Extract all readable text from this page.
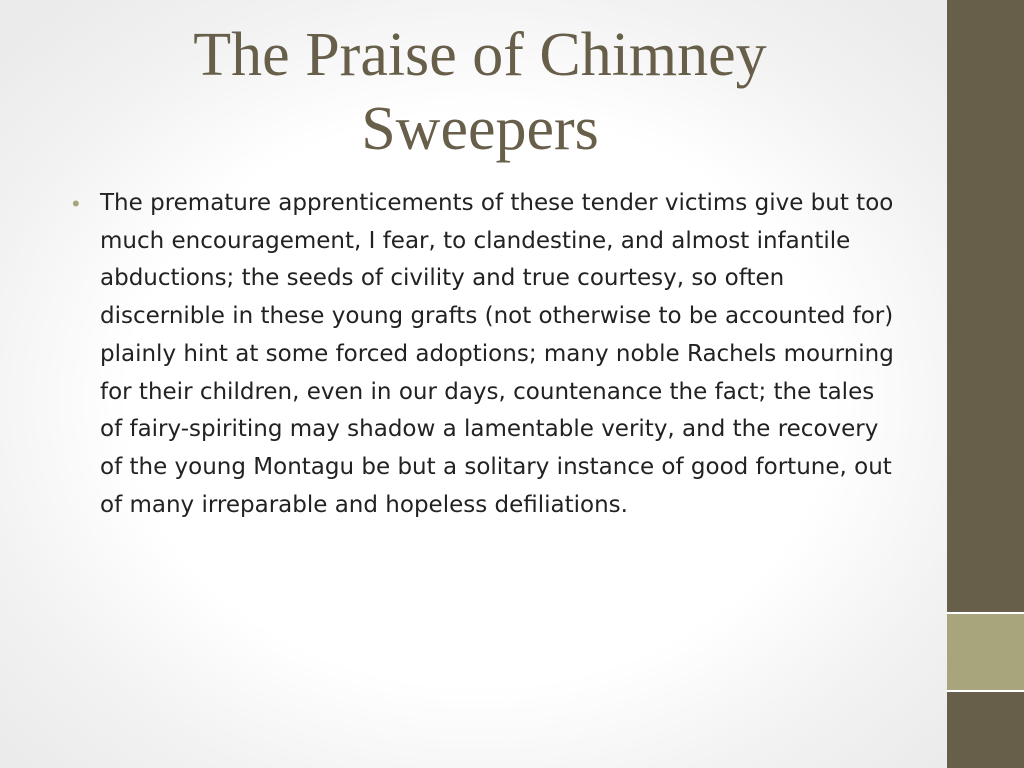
The Praise of Chimney Sweepers
• The premature apprenticements of these tender victims give but too much encouragement, I fear, to clandestine, and almost infantile abductions; the seeds of civility and true courtesy, so often discernible in these young grafts (not otherwise to be accounted for) plainly hint at some forced adoptions; many noble Rachels mourning for their children, even in our days, countenance the fact; the tales of fairy-spiriting may shadow a lamentable verity, and the recovery of the young Montagu be but a solitary instance of good fortune, out of many irreparable and hopeless defiliations.
